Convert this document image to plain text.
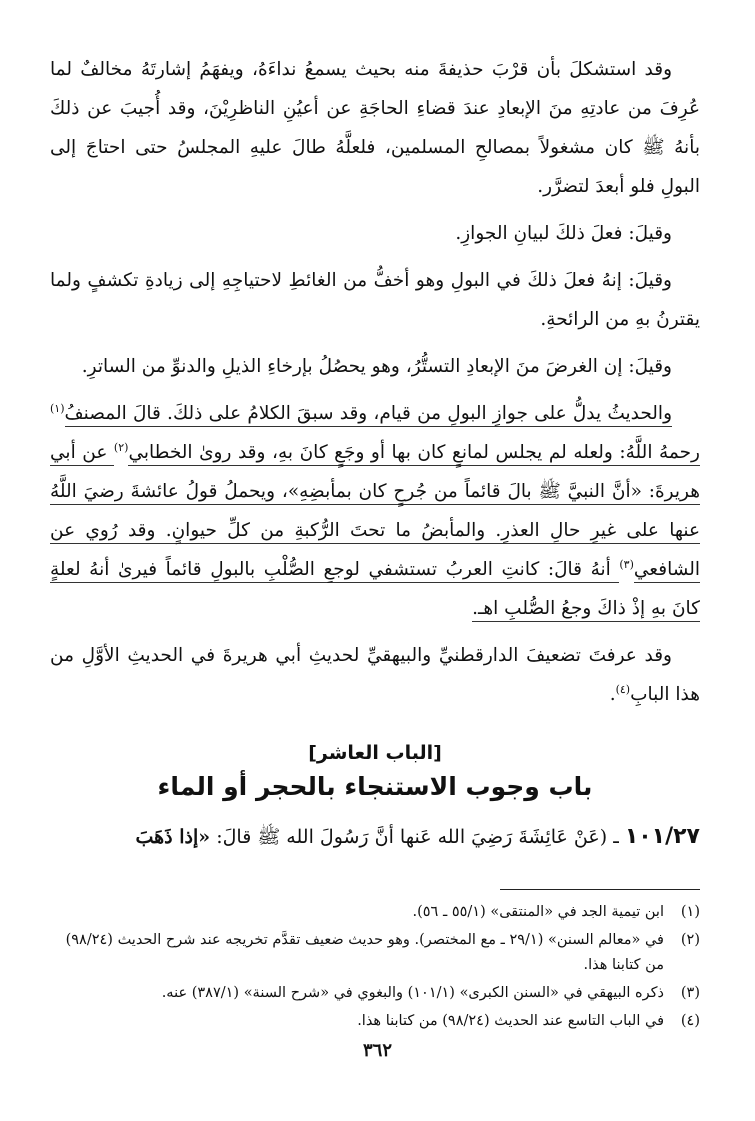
وقد استشكلَ بأن قرْبَ حذيفةَ منه بحيث يسمعُ نداءَهُ، ويفهَمُ إشارتَهُ مخالفٌ لما عُرِفَ من عادتِهِ منَ الإبعادِ عندَ قضاءِ الحاجَةِ عن أعيُنِ الناظرِيْنَ، وقد أُجيبَ عن ذلكَ بأنهُ ﷺ كان مشغولاً بمصالحِ المسلمين، فلعلَّهُ طالَ عليهِ المجلسُ حتى احتاجَ إلى البولِ فلو أبعدَ لتضرَّر.

وقيلَ: فعلَ ذلكَ لبيانِ الجوازِ.

وقيلَ: إنهُ فعلَ ذلكَ في البولِ وهو أخفُّ من الغائطِ لاحتياجِهِ إلى زيادةِ تكشفٍ ولما يقترنُ بهِ من الرائحةِ.

وقيلَ: إن الغرضَ منَ الإبعادِ التستُّرُ، وهو يحصُلُ بإرخاءِ الذيلِ والدنوِّ من الساترِ.

والحديثُ يدلُّ على جوازِ البولِ من قيام، وقد سبقَ الكلامُ على ذلكَ. قالَ المصنفُ$^{(١)}$ رحمهُ اللَّهُ: ولعله لم يجلس لمانعٍ كان بها أو وجَعٍ كانَ بهِ، وقد روىٰ الخطابي$^{(٢)}$ عن أبي هريرةَ: «أنَّ النبيَّ ﷺ بالَ قائماً من جُرحٍ كان بمأبضِهِ»، ويحملُ قولُ عائشةَ رضيَ اللَّهُ عنها على غيرِ حالِ العذرِ. والمأبضُ ما تحتَ الرُّكبةِ من كلِّ حيوانٍ. وقد رُوي عن الشافعي$^{(٣)}$ أنهُ قالَ: كانتِ العربُ تستشفي لوجعِ الصُّلْبِ بالبولِ قائماً فيرىٰ أنهُ لعلةٍ كانَ بهِ إذْ ذاكَ وجعُ الصُّلبِ اهـ.

وقد عرفتَ تضعيفَ الدارقطنيِّ والبيهقيِّ لحديثِ أبي هريرةَ في الحديثِ الأوَّلِ من هذا البابِ$^{(٤)}$.

[الباب العاشر]
باب وجوب الاستنجاء بالحجر أو الماء

١٠١/٢٧ ـ (عَنْ عَائِشَةَ رَضِيَ الله عَنها أنَّ رَسُولَ الله ﷺ قالَ: «إذا ذَهَبَ

(١)
ابن تيمية الجد في «المنتقى» (٥٥/١ ـ ٥٦).
(٢)
في «معالم السنن» (٢٩/١ ـ مع المختصر). وهو حديث ضعيف تقدَّم تخريجه عند شرح الحديث (٩٨/٢٤) من كتابنا هذا.
(٣)
ذكره البيهقي في «السنن الكبرى» (١٠١/١) والبغوي في «شرح السنة» (٣٨٧/١) عنه.
(٤)
في الباب التاسع عند الحديث (٩٨/٢٤) من كتابنا هذا.
٣٦٢
